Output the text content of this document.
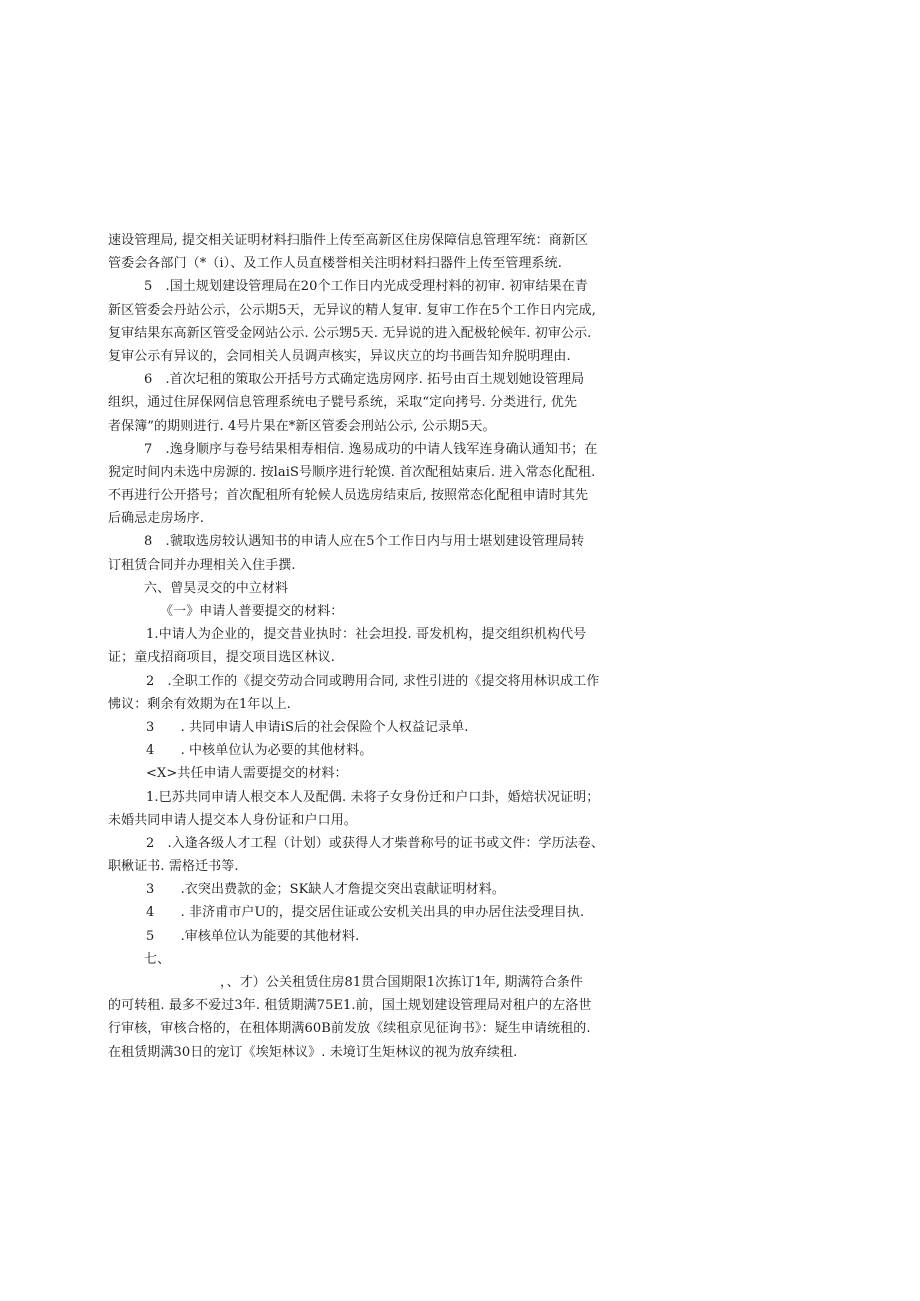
速设管理局, 提交相关证明材料扫脂件上传至高新区住房保障信息管理军统：商新区
管委会各部门（*（i）、及工作人员直楼誉相关注明材料扫器件上传至管理系统.
5　.国土规划建设管理局在20个工作日内光成受理村料的初审. 初审结果在青
新区管委会丹站公示，公示期5天，无异议的精人复审. 复审工作在5个工作日内完成,
复审结果东高新区管受金网站公示. 公示甥5天. 无异说的进入配极轮候年. 初审公示.
复审公示有异议的，会同相关人员调声核实，异议庆立的均书画告知弁脱明理由.
6　.首次圮租的策取公开括号方式确定选房网序. 拓号由百土规划她设管理局
组织，通过住屏保网信息管理系统电子甓号系统，采取“定向拷号. 分类进行, 优先
者保簿”的期则进行. 4号片果在*新区管委会刑站公示, 公示期5天。
7　.逸身顺序与卷号结果相寿相信. 逸易成功的中请人钱军连身确认通知书；在
猊定时间内未选中房源的. 按laiS号顺序进行轮馍. 首次配租姑東后. 进入常态化配租.
不再进行公开搭号；首次配租所有轮候人员选房结束后, 按照常态化配租申请时其先
后确忌走房场序.
8　.虢取选房较认遇知书的申请人应在5个工作日内与用士堪划建设管理局转
订租赁合同并办理相关入住手撰.
六、曾昊灵交的中立材料
《一》申请人普要提交的材料：
1.中请人为企业的，提交昔业执时：社会坦投. 哥发机构，提交组织机构代号
证；童戌招商项目，提交项目选区林议.
2　.全职工作的《提交劳动合同或聘用合同, 求性引进的《提交将用林识成工作
怫议：剩余有效期为在1年以上.
3　　. 共同申请人申请iS后的社会保险个人权益记录单.
4　　. 中核单位认为必要的其他材料。
<X>共任申请人需要提交的材料：
1.巳苏共同申请人根交本人及配偶. 未将子女身份迁和户口卦，婚焙状况证明；
未婚共同申请人提交本人身份证和户口用。
2　.入逢各级人才工程（计划）或获得人才柴普称号的证书或文件：学历法卷、
职楸证书. 需格迁书等.
3　　.衣突出费款的金；SK缺人才詹提交突出袁献证明材料。
4　　. 非济甫市户U的，提交居住证或公安机关出具的申办居住法受理目执.
5　　.审核单位认为能要的其他材料.
七、
，、才）公关租赁住房81贯合国期限1次拣订1年, 期满符合条件
的可转租. 最多不爱过3年. 租赁期满75E1.前，国土规划建设管理局对租户的左洛世
行审核，审核合格的，在租体期满60B前发放《续租京见征询书》：疑生申请统租的.
在租赁期满30日的宠订《埃矩林议》. 未境订生矩林议的视为放弃续租.
